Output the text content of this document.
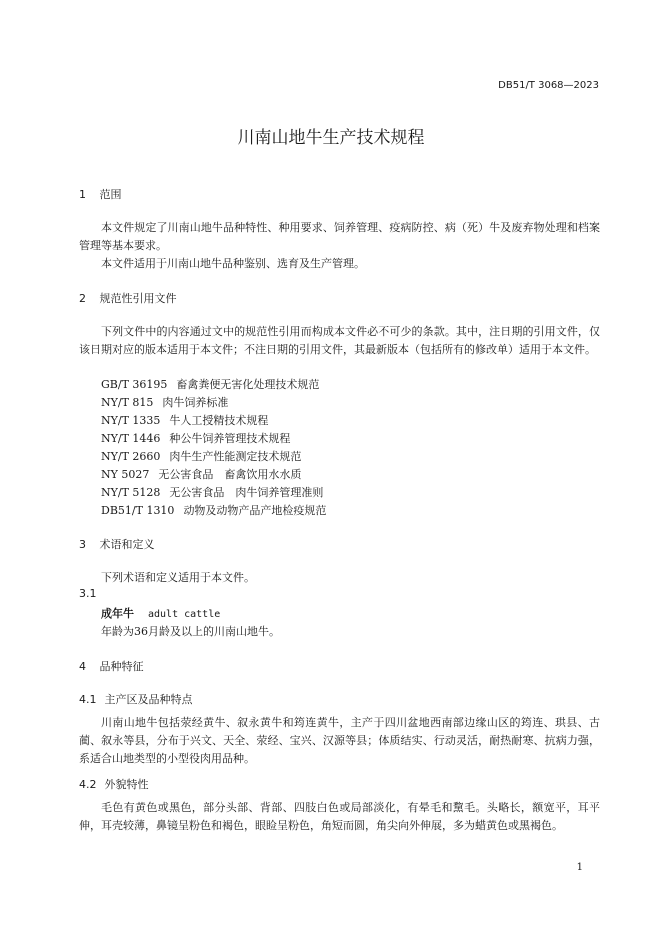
DB51/T 3068—2023
川南山地牛生产技术规程
1 范围
本文件规定了川南山地牛品种特性、种用要求、饲养管理、疫病防控、病（死）牛及废弃物处理和档案管理等基本要求。
本文件适用于川南山地牛品种鉴别、选育及生产管理。
2 规范性引用文件
下列文件中的内容通过文中的规范性引用而构成本文件必不可少的条款。其中，注日期的引用文件，仅该日期对应的版本适用于本文件；不注日期的引用文件，其最新版本（包括所有的修改单）适用于本文件。
GB/T 36195 畜禽粪便无害化处理技术规范
NY/T 815 肉牛饲养标准
NY/T 1335 牛人工授精技术规程
NY/T 1446 种公牛饲养管理技术规程
NY/T 2660 肉牛生产性能测定技术规范
NY 5027 无公害食品　畜禽饮用水水质
NY/T 5128 无公害食品　肉牛饲养管理准则
DB51/T 1310 动物及动物产品产地检疫规范
3 术语和定义
下列术语和定义适用于本文件。
3.1
成年牛 adult cattle
年龄为36月龄及以上的川南山地牛。
4 品种特征
4.1 主产区及品种特点
川南山地牛包括荥经黄牛、叙永黄牛和筠连黄牛，主产于四川盆地西南部边缘山区的筠连、珙县、古蔺、叙永等县，分布于兴文、天全、荥经、宝兴、汉源等县；体质结实、行动灵活，耐热耐寒、抗病力强，系适合山地类型的小型役肉用品种。
4.2 外貌特性
毛色有黄色或黑色，部分头部、背部、四肢白色或局部淡化，有晕毛和黧毛。头略长，额宽平，耳平伸，耳壳较薄，鼻镜呈粉色和褐色，眼睑呈粉色，角短而圆，角尖向外伸展，多为蜡黄色或黑褐色。
1
